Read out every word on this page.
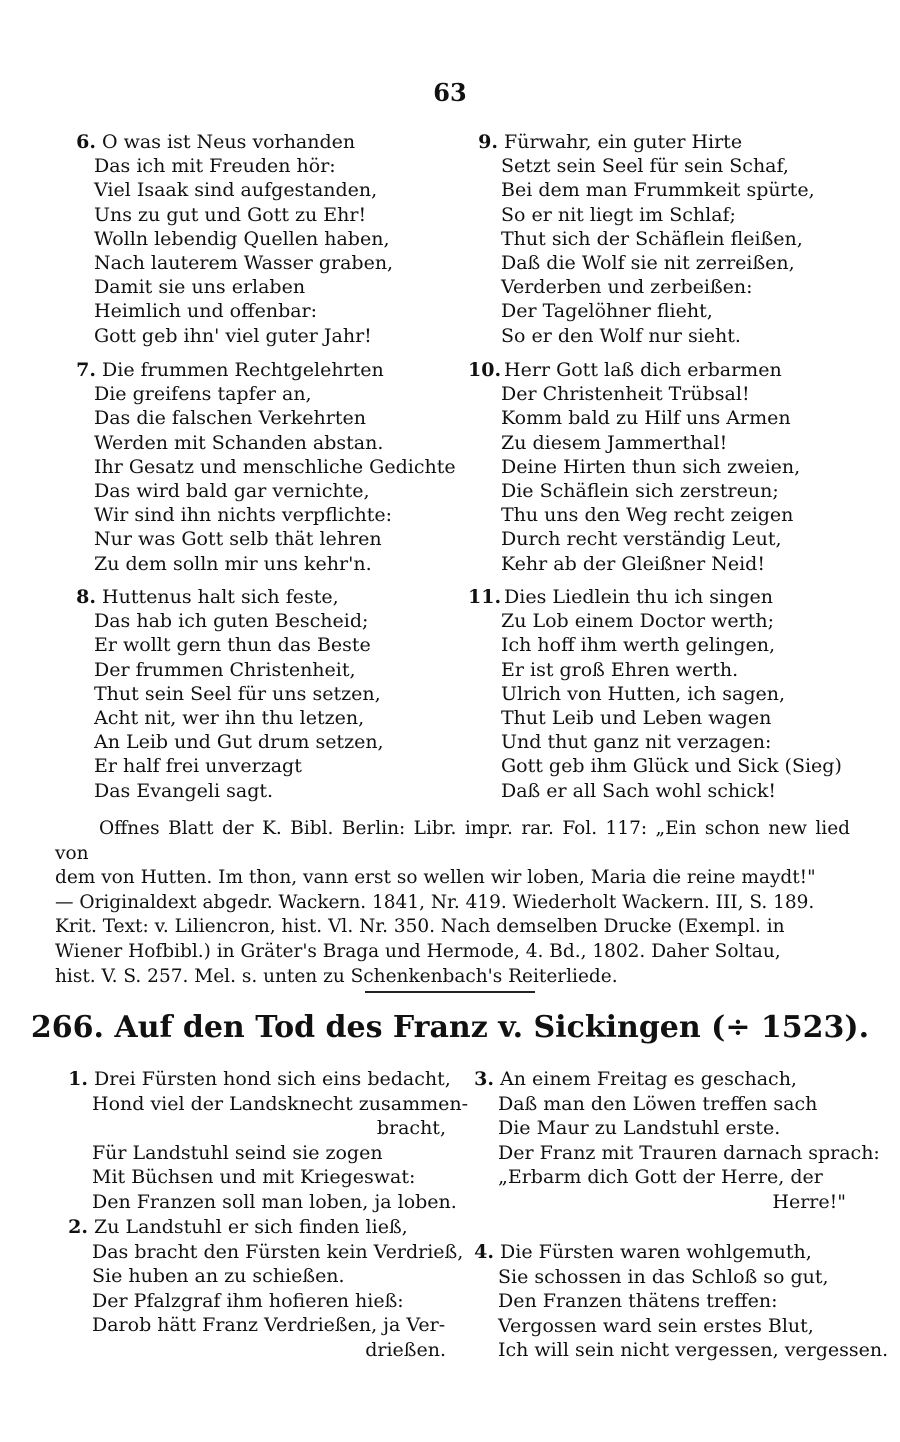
63
6. O was ist Neus vorhanden
Das ich mit Freuden hör:
Viel Isaak sind aufgestanden,
Uns zu gut und Gott zu Ehr!
Wolln lebendig Quellen haben,
Nach lauterem Wasser graben,
Damit sie uns erlaben
Heimlich und offenbar:
Gott geb ihn' viel guter Jahr!
7. Die frummen Rechtgelehrten
Die greifens tapfer an,
Das die falschen Verkehrten
Werden mit Schanden abstan.
Ihr Gesatz und menschliche Gedichte
Das wird bald gar vernichte,
Wir sind ihn nichts verpflichte:
Nur was Gott selb thät lehren
Zu dem solln mir uns kehr'n.
8. Huttenus halt sich feste,
Das hab ich guten Bescheid;
Er wollt gern thun das Beste
Der frummen Christenheit,
Thut sein Seel für uns setzen,
Acht nit, wer ihn thu letzen,
An Leib und Gut drum setzen,
Er half frei unverzagt
Das Evangeli sagt.
9. Fürwahr, ein guter Hirte
Setzt sein Seel für sein Schaf,
Bei dem man Frummkeit spürte,
So er nit liegt im Schlaf;
Thut sich der Schäflein fleißen,
Daß die Wolf sie nit zerreißen,
Verderben und zerbeißen:
Der Tagelöhner flieht,
So er den Wolf nur sieht.
10. Herr Gott laß dich erbarmen
Der Christenheit Trübsal!
Komm bald zu Hilf uns Armen
Zu diesem Jammerthal!
Deine Hirten thun sich zweien,
Die Schäflein sich zerstreun;
Thu uns den Weg recht zeigen
Durch recht verständig Leut,
Kehr ab der Gleißner Neid!
11. Dies Liedlein thu ich singen
Zu Lob einem Doctor werth;
Ich hoff ihm werth gelingen,
Er ist groß Ehren werth.
Ulrich von Hutten, ich sagen,
Thut Leib und Leben wagen
Und thut ganz nit verzagen:
Gott geb ihm Glück und Sick (Sieg)
Daß er all Sach wohl schick!
Offnes Blatt der K. Bibl. Berlin: Libr. impr. rar. Fol. 117: „Ein schon new lied von
dem von Hutten. Im thon, vann erst so wellen wir loben, Maria die reine maydt!"
— Originaldext abgedr. Wackern. 1841, Nr. 419. Wiederholt Wackern. III, S. 189.
Krit. Text: v. Liliencron, hist. Vl. Nr. 350. Nach demselben Drucke (Exempl. in
Wiener Hofbibl.) in Gräter's Braga und Hermode, 4. Bd., 1802. Daher Soltau,
hist. V. S. 257. Mel. s. unten zu Schenkenbach's Reiterliede.
266. Auf den Tod des Franz v. Sickingen (÷ 1523).
1. Drei Fürsten hond sich eins bedacht,
Hond viel der Landsknecht zusammen-
bracht,
Für Landstuhl seind sie zogen
Mit Büchsen und mit Kriegeswat:
Den Franzen soll man loben, ja loben.
2. Zu Landstuhl er sich finden ließ,
Das bracht den Fürsten kein Verdrieß,
Sie huben an zu schießen.
Der Pfalzgraf ihm hofieren hieß:
Darob hätt Franz Verdrießen, ja Ver-
drießen.
3. An einem Freitag es geschach,
Daß man den Löwen treffen sach
Die Maur zu Landstuhl erste.
Der Franz mit Trauren darnach sprach:
„Erbarm dich Gott der Herre, der
Herre!"
4. Die Fürsten waren wohlgemuth,
Sie schossen in das Schloß so gut,
Den Franzen thätens treffen:
Vergossen ward sein erstes Blut,
Ich will sein nicht vergessen, vergessen.
